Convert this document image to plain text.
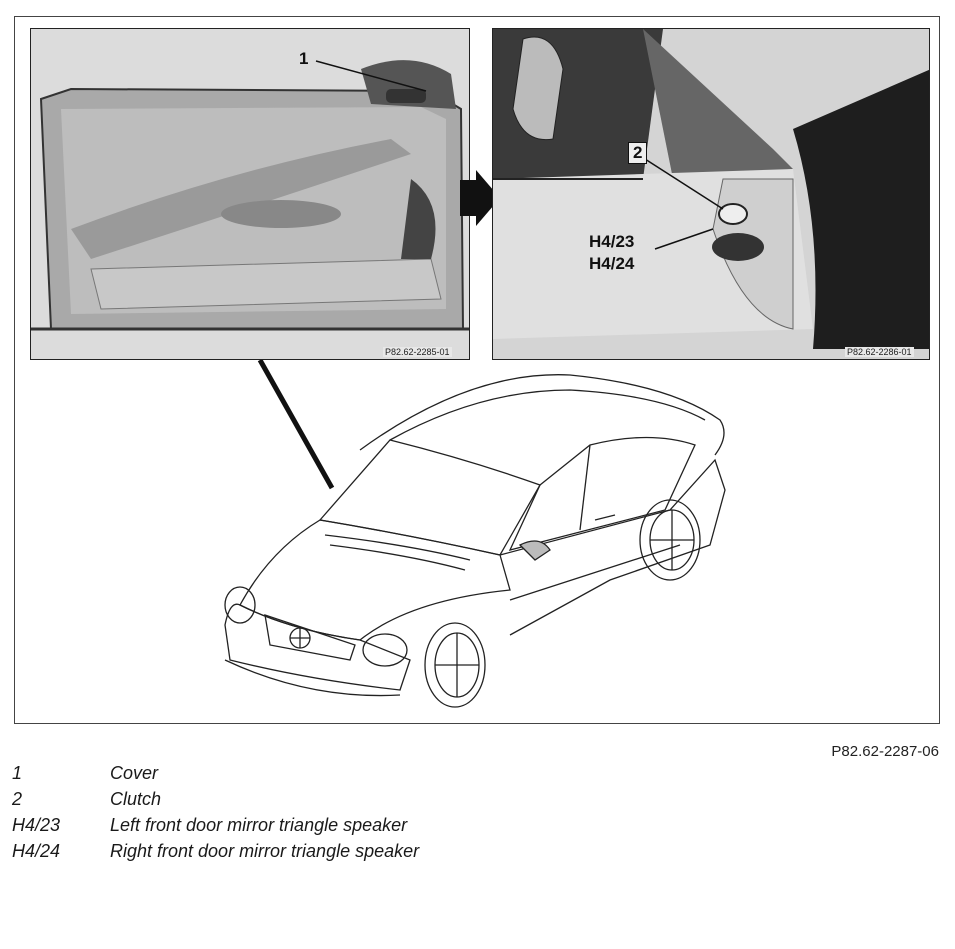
1
P82.62-2285-01
2
H4/23
H4/24
P82.62-2286-01
P82.62-2287-06
1	Cover
2	Clutch
H4/23	Left front door mirror triangle speaker
H4/24	Right front door mirror triangle speaker
